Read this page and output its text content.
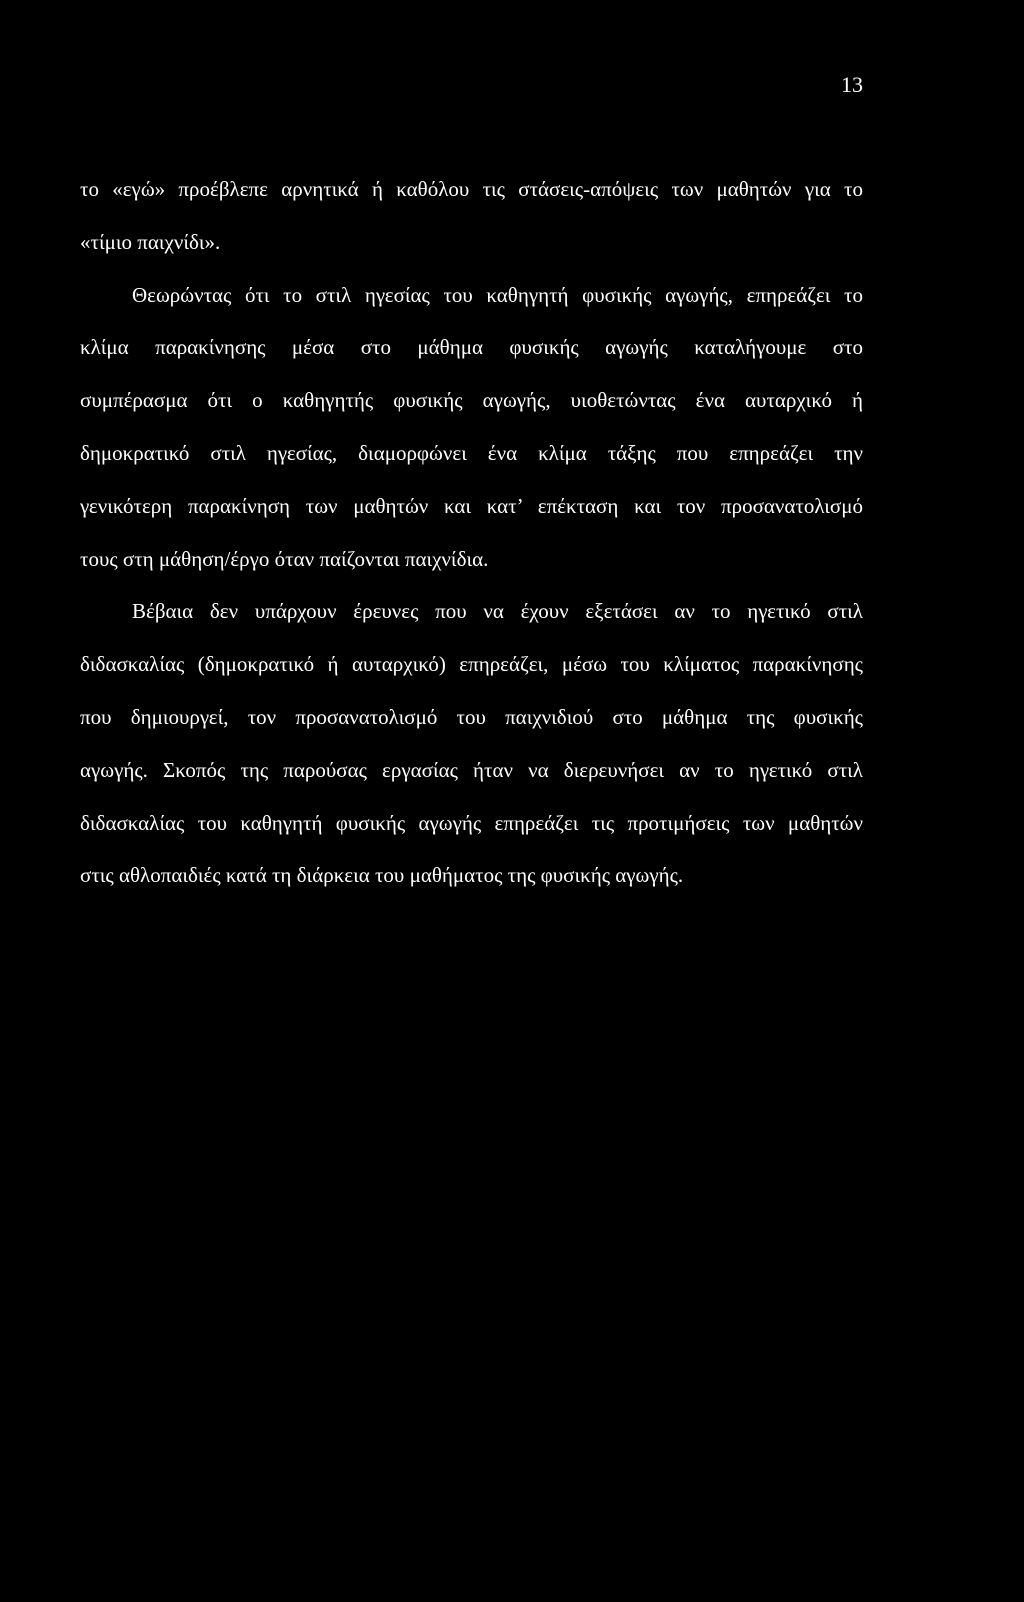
13
το «εγώ» προέβλεπε αρνητικά ή καθόλου τις στάσεις-απόψεις των μαθητών για το
«τίμιο παιχνίδι».
Θεωρώντας ότι το στιλ ηγεσίας του καθηγητή φυσικής αγωγής, επηρεάζει το
κλίμα παρακίνησης μέσα στο μάθημα φυσικής αγωγής καταλήγουμε στο
συμπέρασμα ότι ο καθηγητής φυσικής αγωγής, υιοθετώντας ένα αυταρχικό ή
δημοκρατικό στιλ ηγεσίας, διαμορφώνει ένα κλίμα τάξης που επηρεάζει την
γενικότερη παρακίνηση των μαθητών και κατ’ επέκταση και τον προσανατολισμό
τους στη μάθηση/έργο όταν παίζονται παιχνίδια.
Βέβαια δεν υπάρχουν έρευνες που να έχουν εξετάσει αν το ηγετικό στιλ
διδασκαλίας (δημοκρατικό ή αυταρχικό) επηρεάζει, μέσω του κλίματος παρακίνησης
που δημιουργεί, τον προσανατολισμό του παιχνιδιού στο μάθημα της φυσικής
αγωγής. Σκοπός της παρούσας εργασίας ήταν να διερευνήσει αν το ηγετικό στιλ
διδασκαλίας του καθηγητή φυσικής αγωγής επηρεάζει τις προτιμήσεις των μαθητών
στις αθλοπαιδιές κατά τη διάρκεια του μαθήματος της φυσικής αγωγής.
